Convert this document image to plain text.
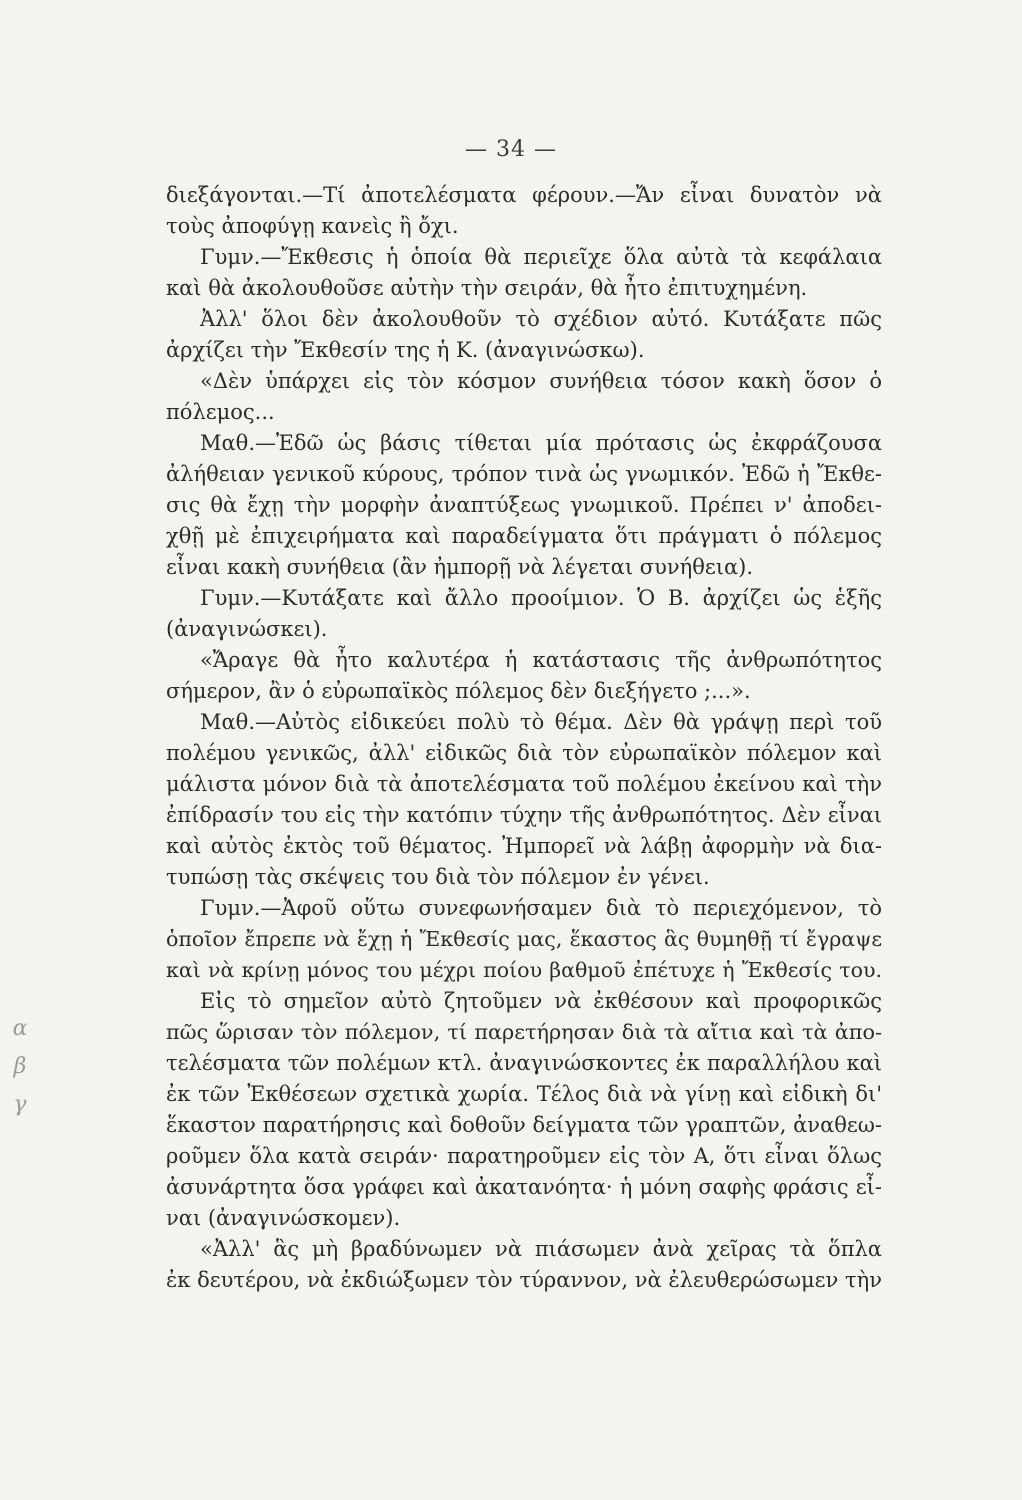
— 34 —
α
β
γ
διεξάγονται.—Τί ἀποτελέσματα φέρουν.—Ἄν εἶναι δυνατὸν νὰ
τοὺς ἀποφύγῃ κανεὶς ἢ ὄχι.
Γυμν.—Ἔκθεσις ἡ ὁποία θὰ περιεῖχε ὅλα αὐτὰ τὰ κεφάλαια
καὶ θὰ ἀκολουθοῦσε αὐτὴν τὴν σειράν, θὰ ἦτο ἐπιτυχημένη.
Ἀλλ' ὅλοι δὲν ἀκολουθοῦν τὸ σχέδιον αὐτό. Κυτάξατε πῶς
ἀρχίζει τὴν Ἔκθεσίν της ἡ Κ. (ἀναγινώσκω).
«Δὲν ὑπάρχει εἰς τὸν κόσμον συνήθεια τόσον κακὴ ὅσον ὁ
πόλεμος...
Μαθ.—Ἐδῶ ὡς βάσις τίθεται μία πρότασις ὡς ἐκφράζουσα
ἀλήθειαν γενικοῦ κύρους, τρόπον τινὰ ὡς γνωμικόν. Ἐδῶ ἡ Ἔκθε-
σις θὰ ἔχῃ τὴν μορφὴν ἀναπτύξεως γνωμικοῦ. Πρέπει ν' ἀποδει-
χθῇ μὲ ἐπιχειρήματα καὶ παραδείγματα ὅτι πράγματι ὁ πόλεμος
εἶναι κακὴ συνήθεια (ἂν ἠμπορῇ νὰ λέγεται συνήθεια).
Γυμν.—Κυτάξατε καὶ ἄλλο προοίμιον. Ὁ Β. ἀρχίζει ὡς ἑξῆς
(ἀναγινώσκει).
«Ἄραγε θὰ ἦτο καλυτέρα ἡ κατάστασις τῆς ἀνθρωπότητος
σήμερον, ἂν ὁ εὐρωπαϊκὸς πόλεμος δὲν διεξήγετο ;...».
Μαθ.—Αὐτὸς εἰδικεύει πολὺ τὸ θέμα. Δὲν θὰ γράψῃ περὶ τοῦ
πολέμου γενικῶς, ἀλλ' εἰδικῶς διὰ τὸν εὐρωπαϊκὸν πόλεμον καὶ
μάλιστα μόνον διὰ τὰ ἀποτελέσματα τοῦ πολέμου ἐκείνου καὶ τὴν
ἐπίδρασίν του εἰς τὴν κατόπιν τύχην τῆς ἀνθρωπότητος. Δὲν εἶναι
καὶ αὐτὸς ἐκτὸς τοῦ θέματος. Ἠμπορεῖ νὰ λάβῃ ἀφορμὴν νὰ δια-
τυπώσῃ τὰς σκέψεις του διὰ τὸν πόλεμον ἐν γένει.
Γυμν.—Ἀφοῦ οὕτω συνεφωνήσαμεν διὰ τὸ περιεχόμενον, τὸ
ὁποῖον ἔπρεπε νὰ ἔχῃ ἡ Ἔκθεσίς μας, ἕκαστος ἃς θυμηθῇ τί ἔγραψε
καὶ νὰ κρίνῃ μόνος του μέχρι ποίου βαθμοῦ ἐπέτυχε ἡ Ἔκθεσίς του.
Εἰς τὸ σημεῖον αὐτὸ ζητοῦμεν νὰ ἐκθέσουν καὶ προφορικῶς
πῶς ὥρισαν τὸν πόλεμον, τί παρετήρησαν διὰ τὰ αἴτια καὶ τὰ ἀπο-
τελέσματα τῶν πολέμων κτλ. ἀναγινώσκοντες ἐκ παραλλήλου καὶ
ἐκ τῶν Ἐκθέσεων σχετικὰ χωρία. Τέλος διὰ νὰ γίνῃ καὶ εἰδικὴ δι'
ἕκαστον παρατήρησις καὶ δοθοῦν δείγματα τῶν γραπτῶν, ἀναθεω-
ροῦμεν ὅλα κατὰ σειράν· παρατηροῦμεν εἰς τὸν Α, ὅτι εἶναι ὅλως
ἀσυνάρτητα ὅσα γράφει καὶ ἀκατανόητα· ἡ μόνη σαφὴς φράσις εἶ-
ναι (ἀναγινώσκομεν).
«Ἀλλ' ἃς μὴ βραδύνωμεν νὰ πιάσωμεν ἀνὰ χεῖρας τὰ ὅπλα
ἐκ δευτέρου, νὰ ἐκδιώξωμεν τὸν τύραννον, νὰ ἐλευθερώσωμεν τὴν
